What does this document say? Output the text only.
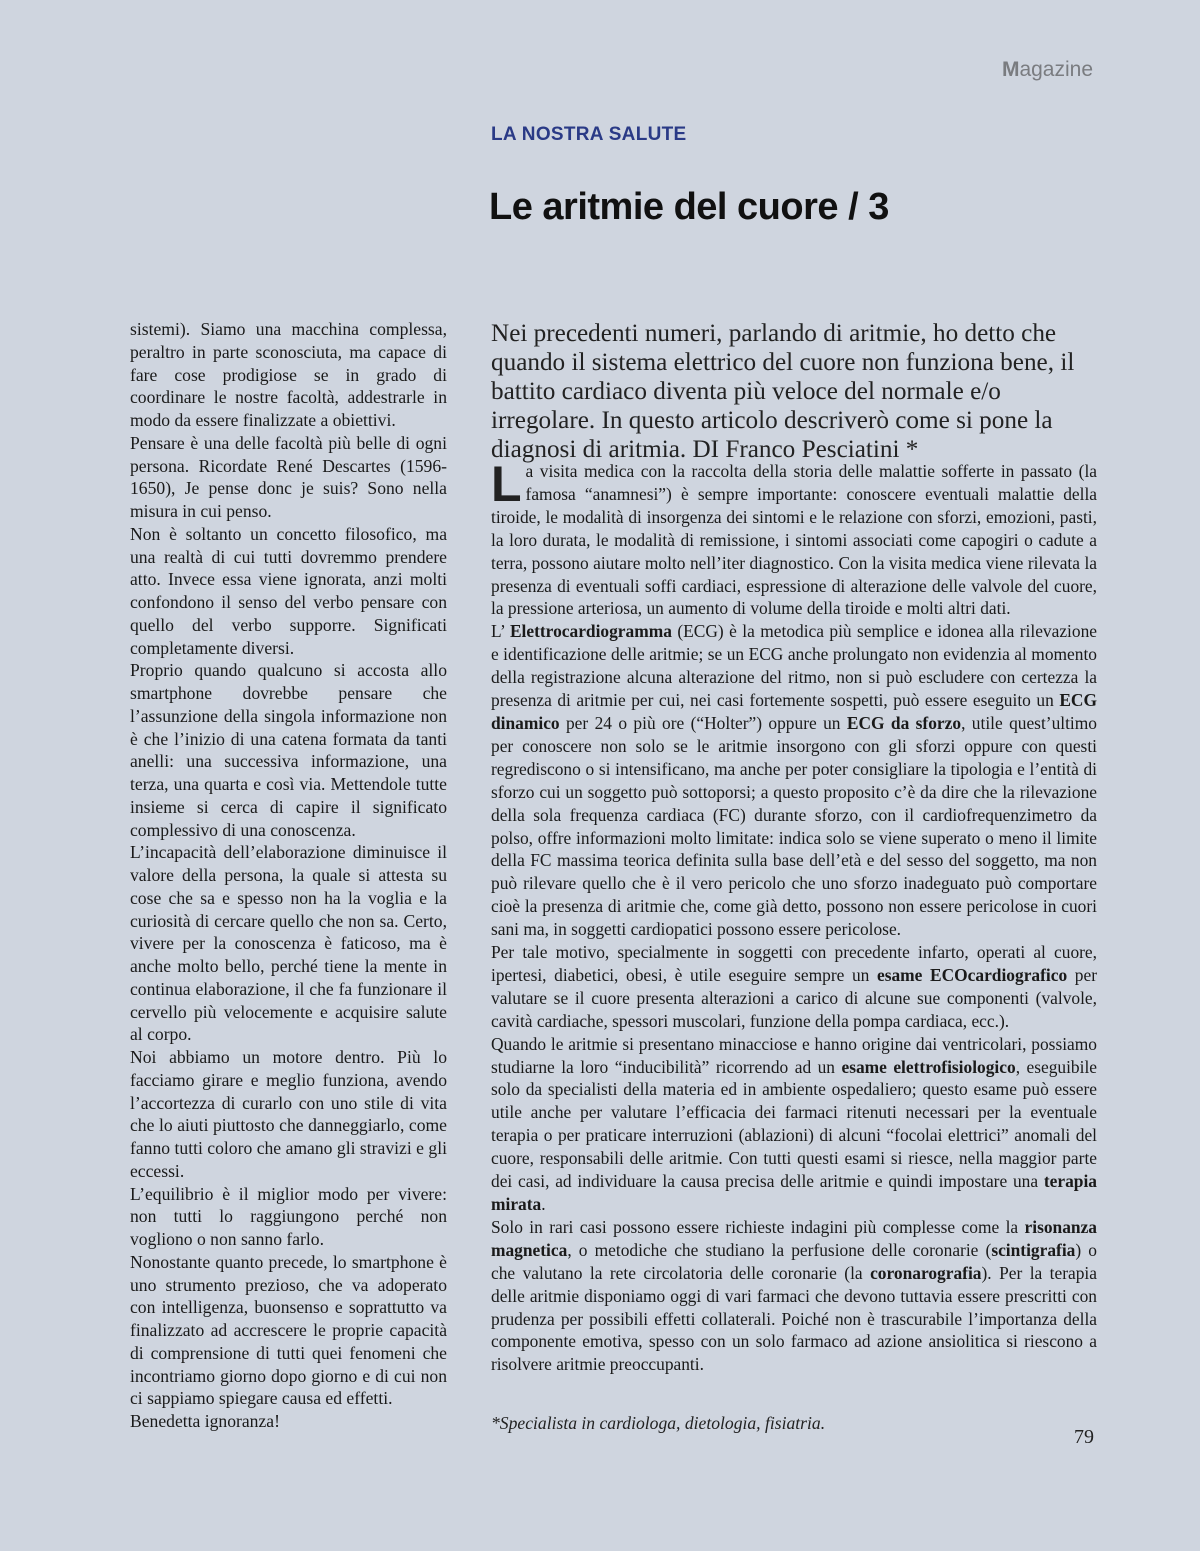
Magazine
LA NOSTRA SALUTE
Le aritmie del cuore / 3

sistemi). Siamo una macchina complessa, peraltro in parte sconosciuta, ma capace di fare cose prodigiose se in grado di coordinare le nostre facoltà, addestrarle in modo da essere finalizzate a obiettivi.

Pensare è una delle facoltà più belle di ogni persona. Ricordate René Descartes (1596-1650), Je pense donc je suis? Sono nella misura in cui penso.

Non è soltanto un concetto filosofico, ma una realtà di cui tutti dovremmo prendere atto. Invece essa viene ignorata, anzi molti confondono il senso del verbo pensare con quello del verbo supporre. Significati completamente diversi.

Proprio quando qualcuno si accosta allo smartphone dovrebbe pensare che l’assunzione della singola informazione non è che l’inizio di una catena formata da tanti anelli: una successiva informazione, una terza, una quarta e così via. Mettendole tutte insieme si cerca di capire il significato complessivo di una conoscenza.

L’incapacità dell’elaborazione diminuisce il valore della persona, la quale si attesta su cose che sa e spesso non ha la voglia e la curiosità di cercare quello che non sa. Certo, vivere per la conoscenza è faticoso, ma è anche molto bello, perché tiene la mente in continua elaborazione, il che fa funzionare il cervello più velocemente e acquisire salute al corpo.

Noi abbiamo un motore dentro. Più lo facciamo girare e meglio funziona, avendo l’accortezza di curarlo con uno stile di vita che lo aiuti piuttosto che danneggiarlo, come fanno tutti coloro che amano gli stravizi e gli eccessi.

L’equilibrio è il miglior modo per vivere: non tutti lo raggiungono perché non vogliono o non sanno farlo.

Nonostante quanto precede, lo smartphone è uno strumento prezioso, che va adoperato con intelligenza, buonsenso e soprattutto va finalizzato ad accrescere le proprie capacità di comprensione di tutti quei fenomeni che incontriamo giorno dopo giorno e di cui non ci sappiamo spiegare causa ed effetti.

Benedetta ignoranza!

Nei precedenti numeri, parlando di aritmie, ho detto che quando il sistema elettrico del cuore non funziona bene, il battito cardiaco diventa più veloce del normale e/o irregolare. In questo articolo descriverò come si pone la diagnosi di aritmia. DI Franco Pesciatini *

La visita medica con la raccolta della storia delle malattie sofferte in passato (la famosa “anamnesi”) è sempre importante: conoscere eventuali malattie della tiroide, le modalità di insorgenza dei sintomi e le relazione con sforzi, emozioni, pasti, la loro durata, le modalità di remissione, i sintomi associati come capogiri o cadute a terra, possono aiutare molto nell’iter diagnostico. Con la visita medica viene rilevata la presenza di eventuali soffi cardiaci, espressione di alterazione delle valvole del cuore, la pressione arteriosa, un aumento di volume della tiroide e molti altri dati.

L’ Elettrocardiogramma (ECG) è la metodica più semplice e idonea alla rilevazione e identificazione delle aritmie; se un ECG anche prolungato non evidenzia al momento della registrazione alcuna alterazione del ritmo, non si può escludere con certezza la presenza di aritmie per cui, nei casi fortemente sospetti, può essere eseguito un ECG dinamico per 24 o più ore (“Holter”) oppure un ECG da sforzo, utile quest’ultimo per conoscere non solo se le aritmie insorgono con gli sforzi oppure con questi regrediscono o si intensificano, ma anche per poter consigliare la tipologia e l’entità di sforzo cui un soggetto può sottoporsi; a questo proposito c’è da dire che la rilevazione della sola frequenza cardiaca (FC) durante sforzo, con il cardiofrequenzimetro da polso, offre informazioni molto limitate: indica solo se viene superato o meno il limite della FC massima teorica definita sulla base dell’età e del sesso del soggetto, ma non può rilevare quello che è il vero pericolo che uno sforzo inadeguato può comportare cioè la presenza di aritmie che, come già detto, possono non essere pericolose in cuori sani ma, in soggetti cardiopatici possono essere pericolose.

Per tale motivo, specialmente in soggetti con precedente infarto, operati al cuore, ipertesi, diabetici, obesi, è utile eseguire sempre un esame ECOcardiografico per valutare se il cuore presenta alterazioni a carico di alcune sue componenti (valvole, cavità cardiache, spessori muscolari, funzione della pompa cardiaca, ecc.).

Quando le aritmie si presentano minacciose e hanno origine dai ventricolari, possiamo studiarne la loro “inducibilità” ricorrendo ad un esame elettrofisiologico, eseguibile solo da specialisti della materia ed in ambiente ospedaliero; questo esame può essere utile anche per valutare l’efficacia dei farmaci ritenuti necessari per la eventuale terapia o per praticare interruzioni (ablazioni) di alcuni “focolai elettrici” anomali del cuore, responsabili delle aritmie. Con tutti questi esami si riesce, nella maggior parte dei casi, ad individuare la causa precisa delle aritmie e quindi impostare una terapia mirata.

Solo in rari casi possono essere richieste indagini più complesse come la risonanza magnetica, o metodiche che studiano la perfusione delle coronarie (scintigrafia) o che valutano la rete circolatoria delle coronarie (la coronarografia). Per la terapia delle aritmie disponiamo oggi di vari farmaci che devono tuttavia essere prescritti con prudenza per possibili effetti collaterali. Poiché non è trascurabile l’importanza della componente emotiva, spesso con un solo farmaco ad azione ansiolitica si riescono a risolvere aritmie preoccupanti.

*Specialista in cardiologa, dietologia, fisiatria.
79
